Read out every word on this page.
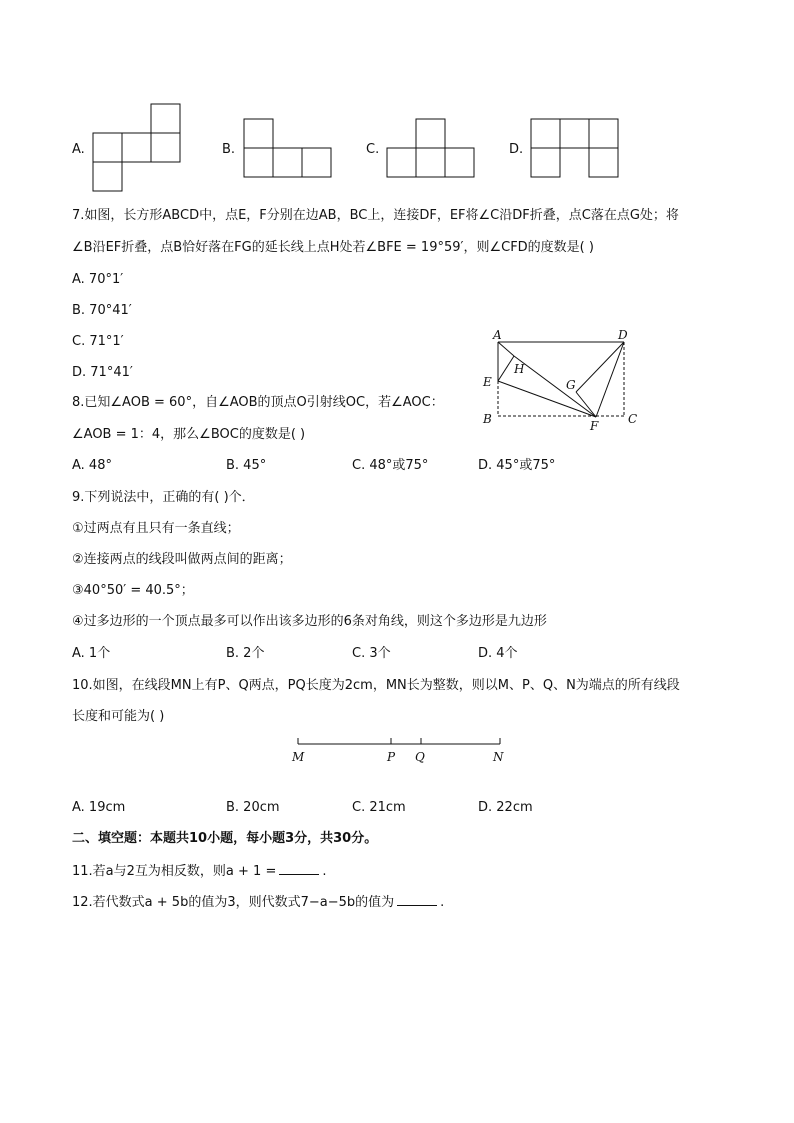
A.	B.	C.	D.
7.如图，长方形ABCD中，点E，F分别在边AB，BC上，连接DF，EF将∠C沿DF折叠，点C落在点G处；将
∠B沿EF折叠，点B恰好落在FG的延长线上点H处若∠BFE = 19°59′，则∠CFD的度数是( )
A. 70°1′
B. 70°41′
C. 71°1′
D. 71°41′
A	D
E
H
G
B	F C
8.已知∠AOB = 60°，自∠AOB的顶点O引射线OC，若∠AOC：
∠AOB = 1：4，那么∠BOC的度数是( )
A. 48°	B. 45°	C. 48°或75°	D. 45°或75°
9.下列说法中，正确的有( )个．
①过两点有且只有一条直线；
②连接两点的线段叫做两点间的距离；
③40°50′ = 40.5°；
④过多边形的一个顶点最多可以作出该多边形的6条对角线，则这个多边形是九边形
A. 1个	B. 2个	C. 3个	D. 4个
10.如图，在线段MN上有P、Q两点，PQ长度为2cm，MN长为整数，则以M、P、Q、N为端点的所有线段
长度和可能为( )
M	P Q	N
A. 19cm	B. 20cm	C. 21cm	D. 22cm
二、填空题：本题共10小题，每小题3分，共30分。
11.若a与2互为相反数，则a + 1 =	.
12.若代数式a + 5b的值为3，则代数式7−a−5b的值为	.
